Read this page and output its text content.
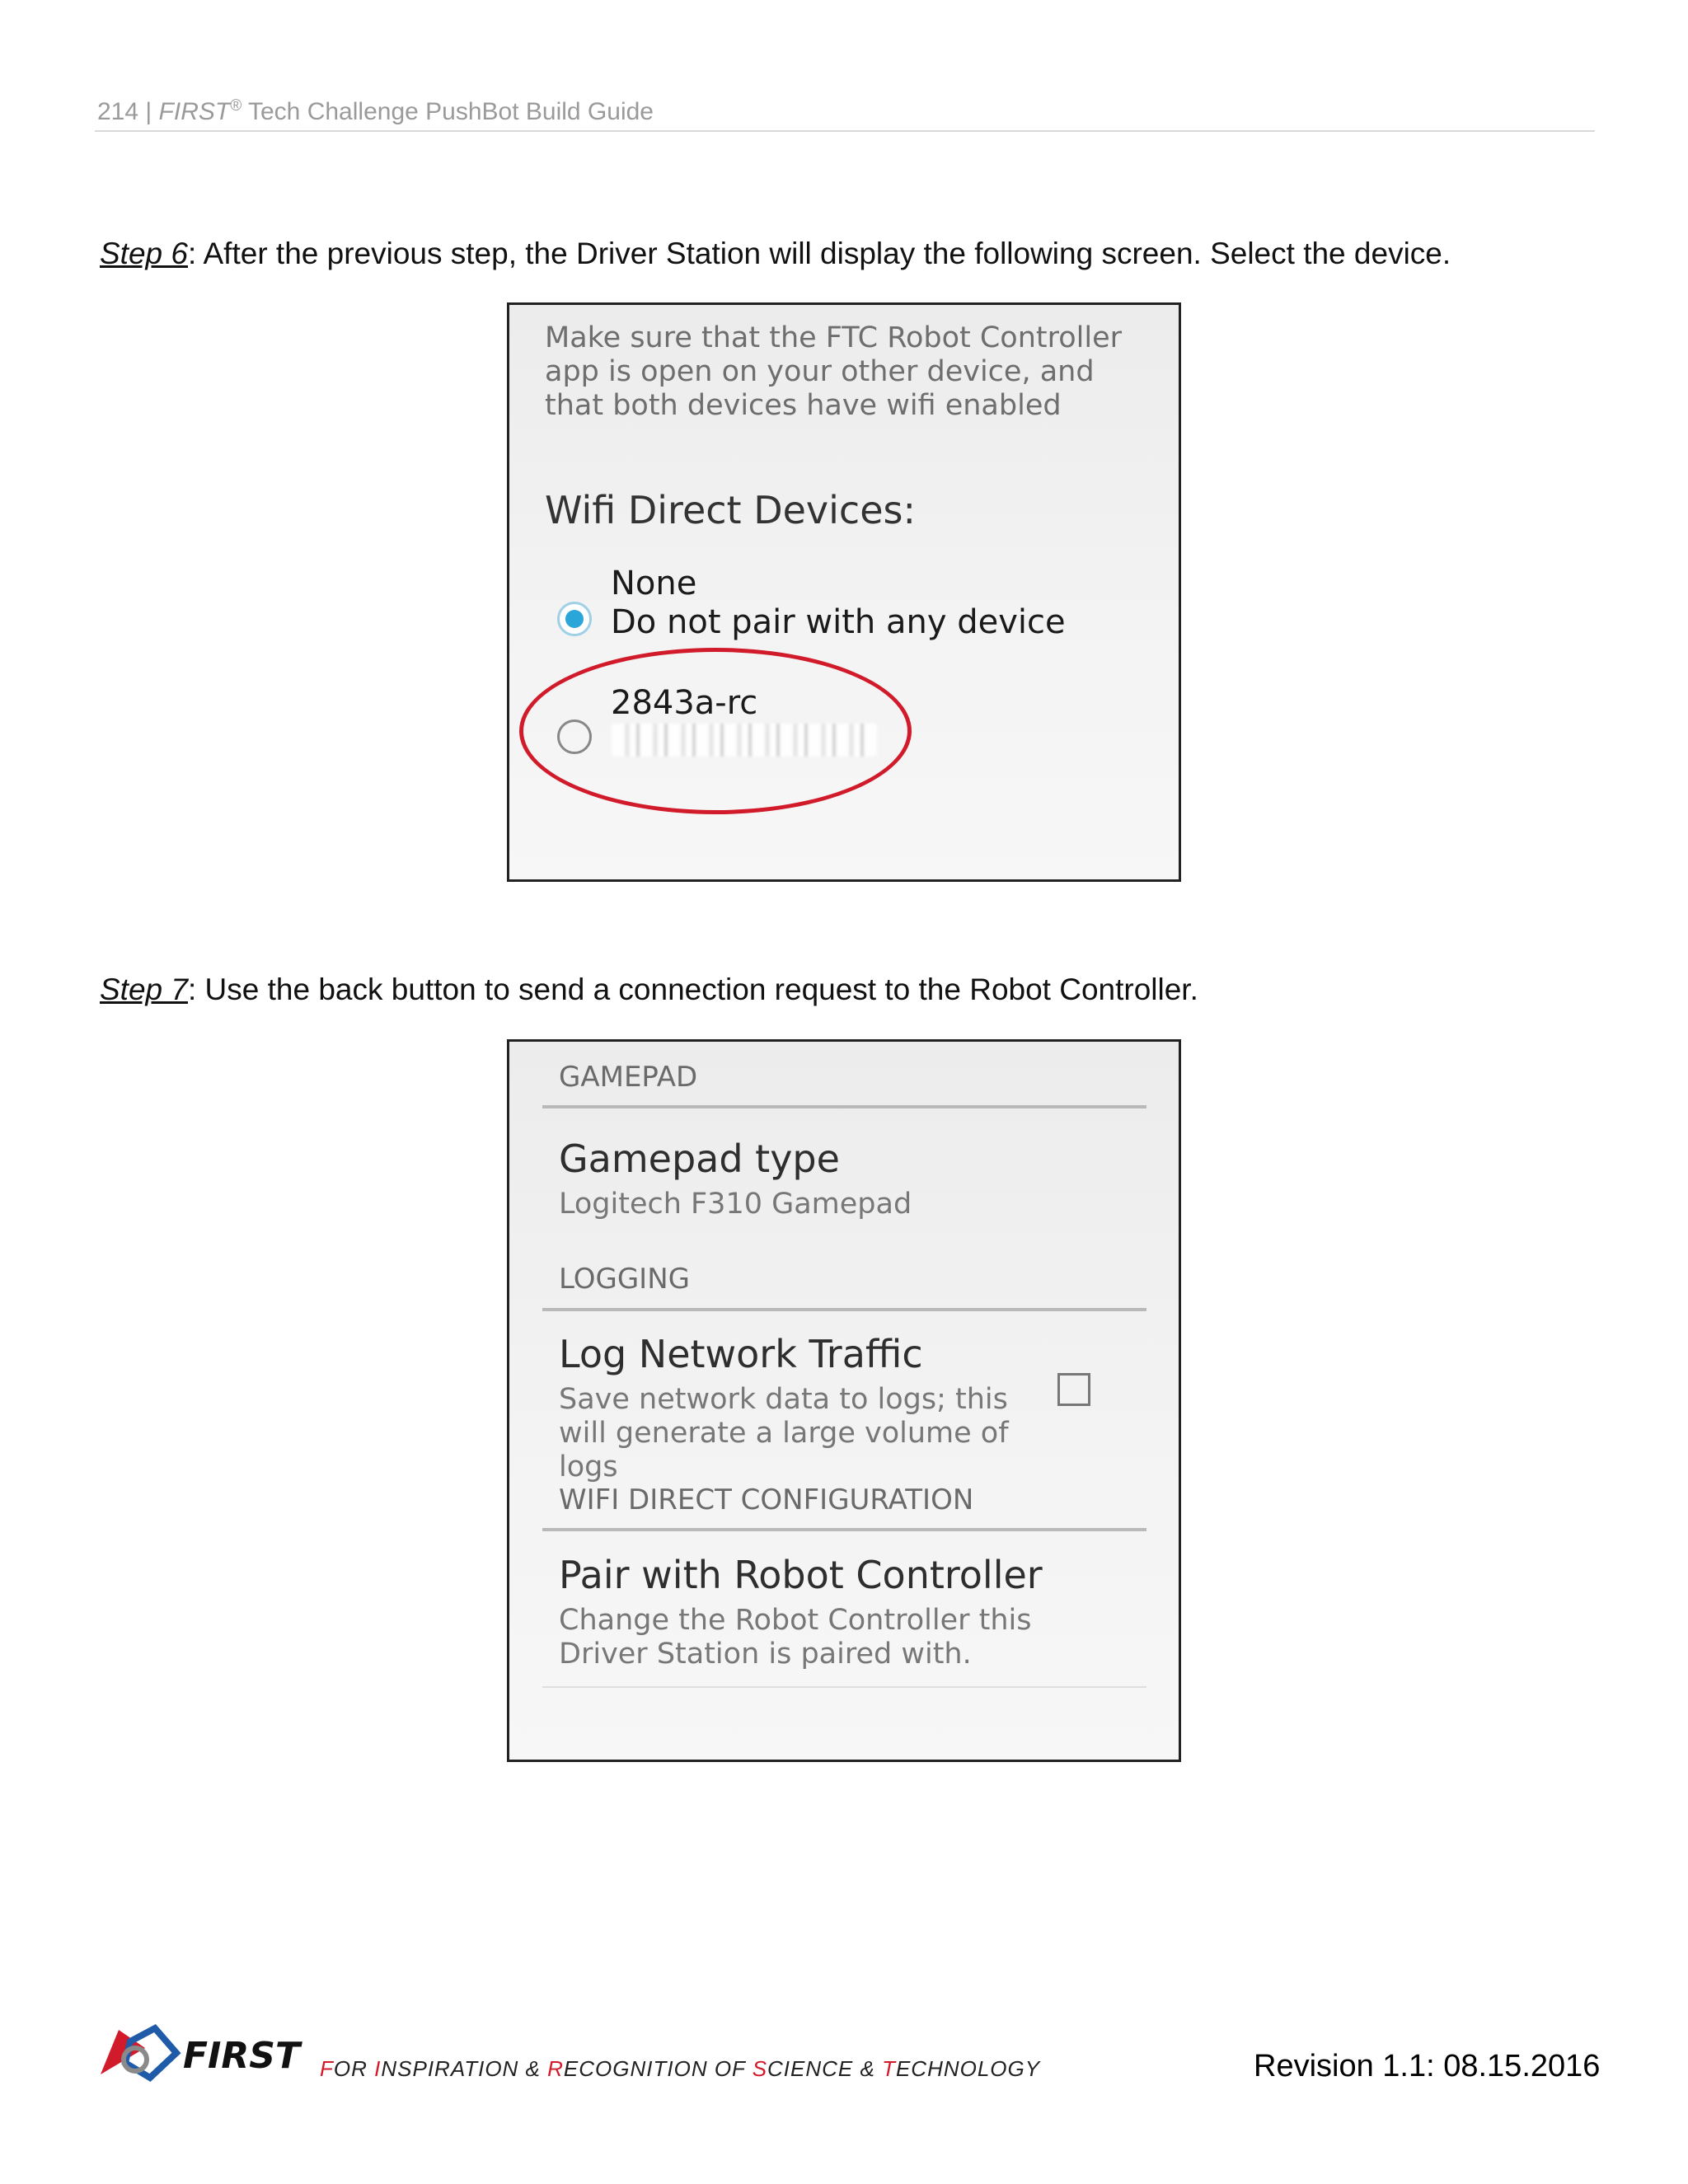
214 | FIRST® Tech Challenge PushBot Build Guide
Step 6: After the previous step, the Driver Station will display the following screen. Select the device.
Make sure that the FTC Robot Controller app is open on your other device, and that both devices have wifi enabled
Wifi Direct Devices:
None
Do not pair with any device
2843a-rc
Step 7: Use the back button to send a connection request to the Robot Controller.
GAMEPAD
Gamepad type
Logitech F310 Gamepad
LOGGING
Log Network Traffic
Save network data to logs; this will generate a large volume of logs
WIFI DIRECT CONFIGURATION
Pair with Robot Controller
Change the Robot Controller this Driver Station is paired with.
FIRST FOR INSPIRATION & RECOGNITION OF SCIENCE & TECHNOLOGY	Revision 1.1: 08.15.2016
